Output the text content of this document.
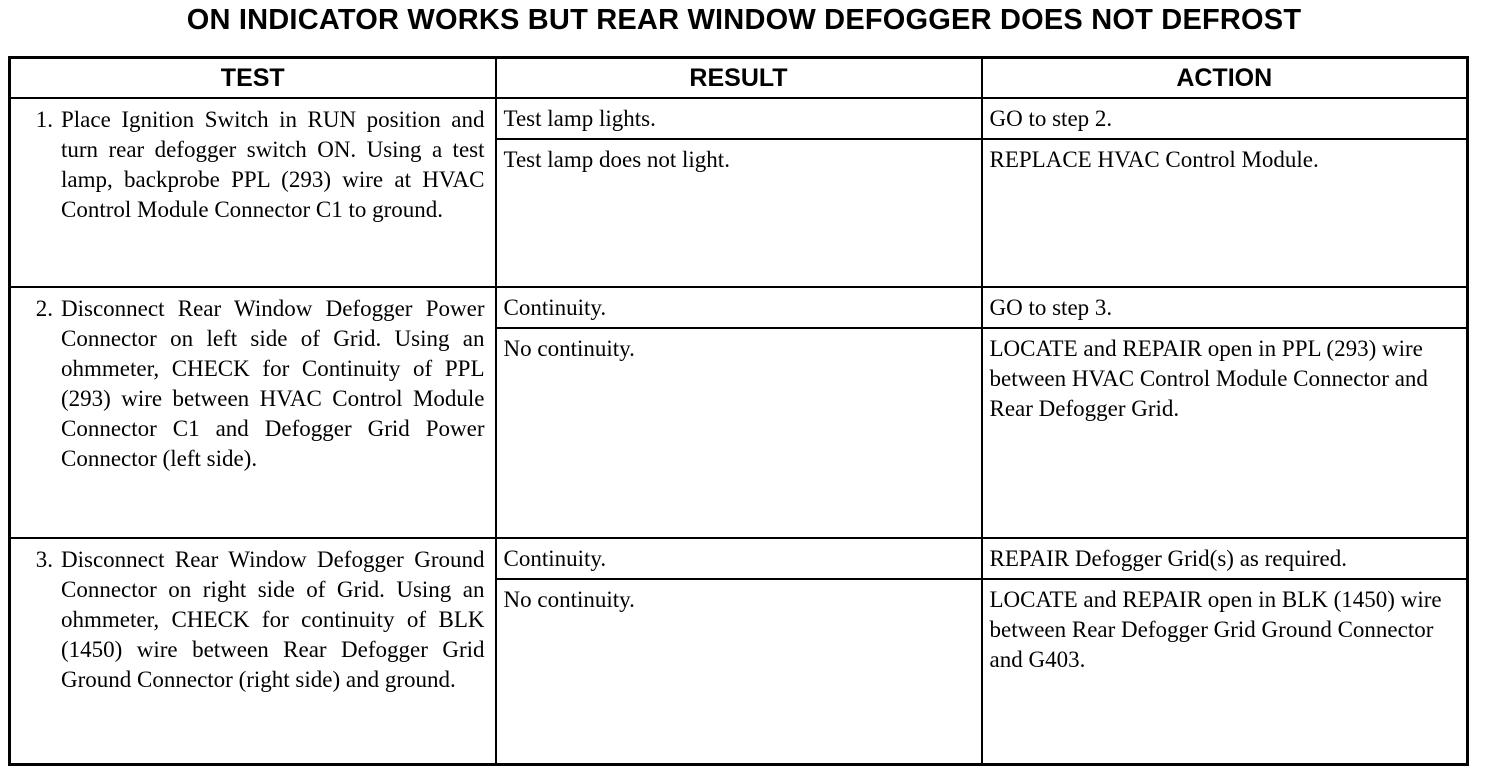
ON INDICATOR WORKS BUT REAR WINDOW DEFOGGER DOES NOT DEFROST
TEST	RESULT	ACTION

1. Place Ignition Switch in RUN position and turn rear defogger switch ON. Using a test lamp, backprobe PPL (293) wire at HVAC Control Module Connector C1 to ground.	Test lamp lights.	GO to step 2.
	Test lamp does not light.	REPLACE HVAC Control Module.

2. Disconnect Rear Window Defogger Power Connector on left side of Grid. Using an ohmmeter, CHECK for Continuity of PPL (293) wire between HVAC Control Module Connector C1 and Defogger Grid Power Connector (left side).	Continuity.	GO to step 3.
	No continuity.	LOCATE and REPAIR open in PPL (293) wire between HVAC Control Module Connector and Rear Defogger Grid.

3. Disconnect Rear Window Defogger Ground Connector on right side of Grid. Using an ohmmeter, CHECK for continuity of BLK (1450) wire between Rear Defogger Grid Ground Connector (right side) and ground.	Continuity.	REPAIR Defogger Grid(s) as required.
	No continuity.	LOCATE and REPAIR open in BLK (1450) wire between Rear Defogger Grid Ground Connector and G403.
